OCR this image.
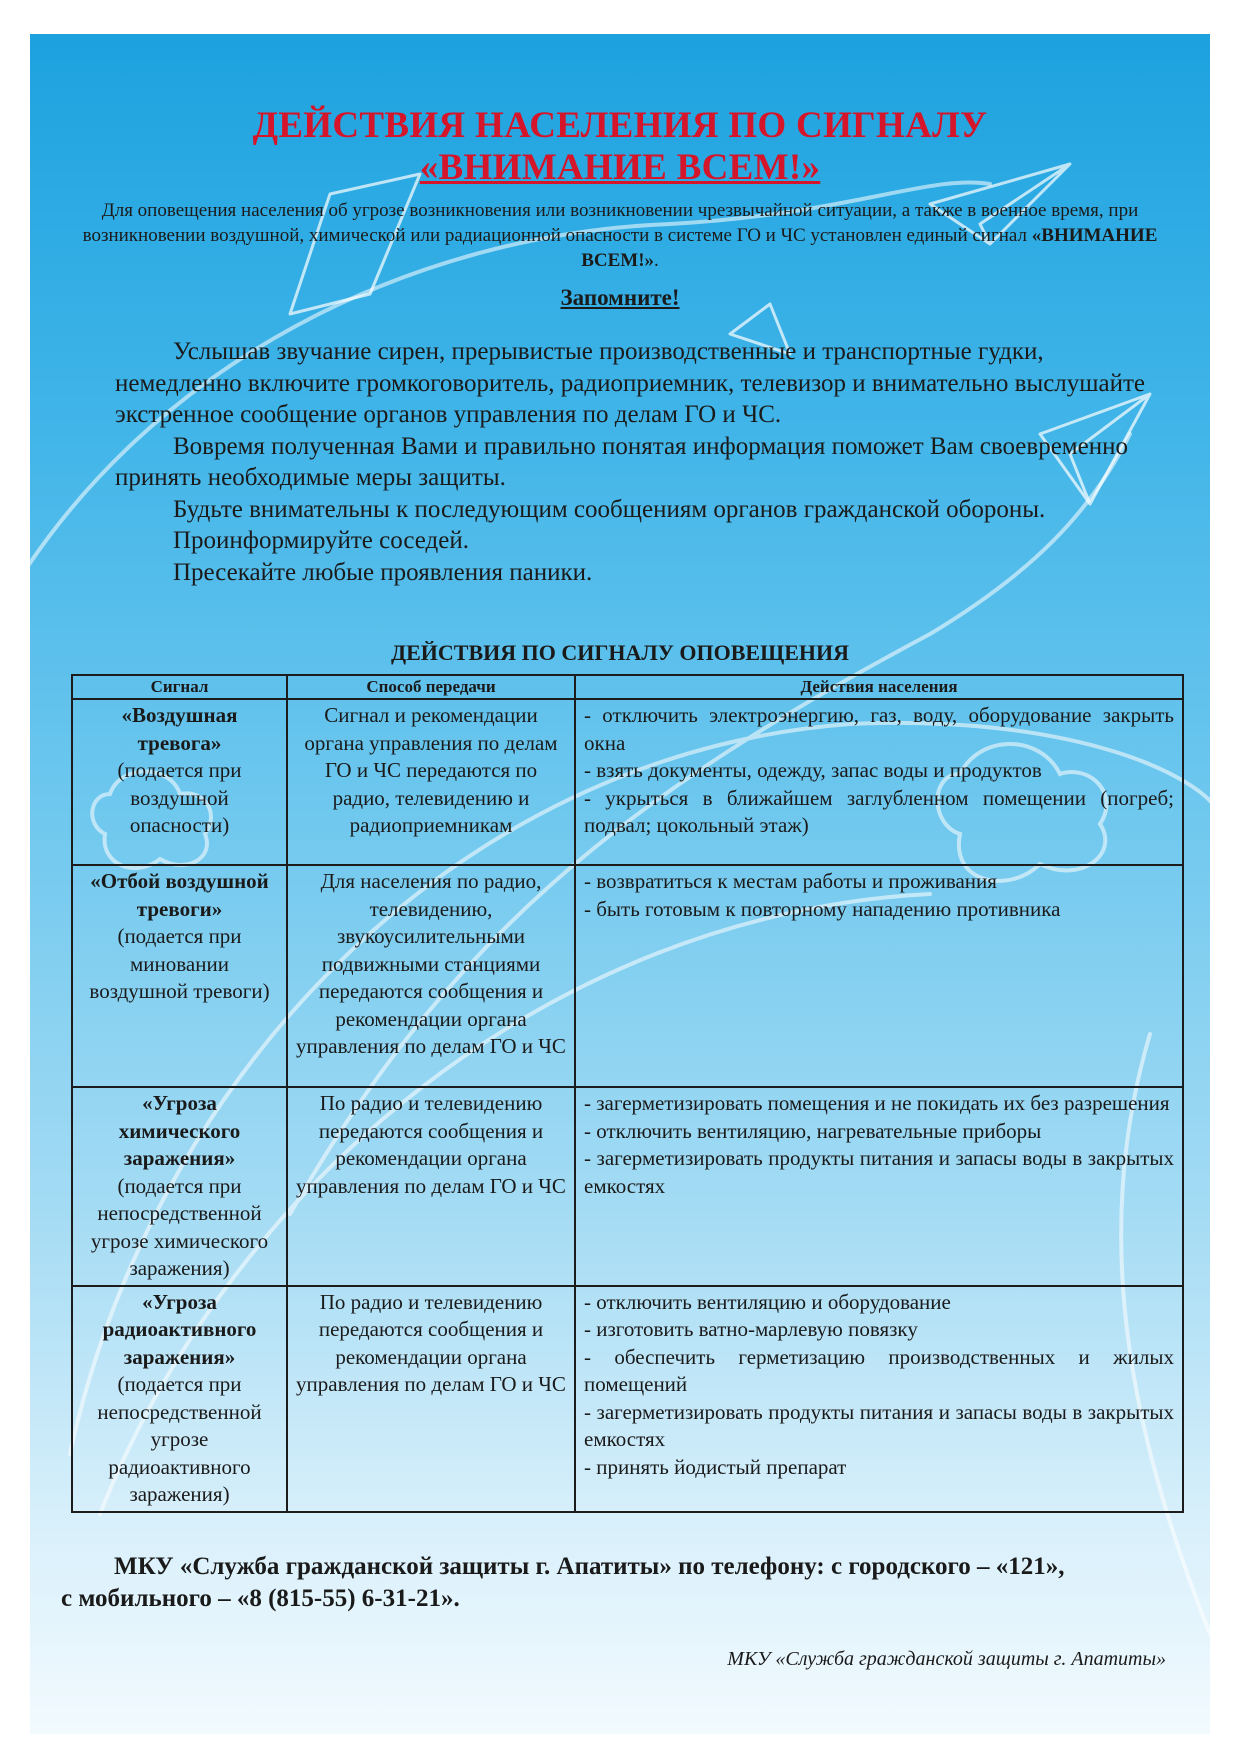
ДЕЙСТВИЯ НАСЕЛЕНИЯ ПО СИГНАЛУ
«ВНИМАНИЕ ВСЕМ!»
Для оповещения населения об угрозе возникновения или возникновении чрезвычайной ситуации, а также в военное время, при возникновении воздушной, химической или радиационной опасности в системе ГО и ЧС установлен единый сигнал «ВНИМАНИЕ ВСЕМ!».
Запомните!

Услышав звучание сирен, прерывистые производственные и транспортные гудки, немедленно включите громкоговоритель, радиоприемник, телевизор и внимательно выслушайте экстренное сообщение органов управления по делам ГО и ЧС.

Вовремя полученная Вами и правильно понятая информация поможет Вам своевременно принять необходимые меры защиты.

Будьте внимательны к последующим сообщениям органов гражданской обороны.

Проинформируйте соседей.

Пресекайте любые проявления паники.

ДЕЙСТВИЯ ПО СИГНАЛУ ОПОВЕЩЕНИЯ
Сигнал	Способ передачи	Действия населения

«Воздушная тревога»
(подается при воздушной опасности)	Сигнал и рекомендации органа управления по делам ГО и ЧС передаются по радио, телевидению и радиоприемникам	- отключить электроэнергию, газ, воду, оборудование закрыть окна
- взять документы, одежду, запас воды и продуктов
- укрыться в ближайшем заглубленном помещении (погреб; подвал; цокольный этаж)

«Отбой воздушной тревоги»
(подается при миновании воздушной тревоги)	Для населения по радио, телевидению, звукоусилительными подвижными станциями передаются сообщения и рекомендации органа управления по делам ГО и ЧС	- возвратиться к местам работы и проживания
- быть готовым к повторному нападению противника

«Угроза химического заражения»
(подается при непосредственной угрозе химического заражения)	По радио и телевидению передаются сообщения и рекомендации органа управления по делам ГО и ЧС	- загерметизировать помещения и не покидать их без разрешения
- отключить вентиляцию, нагревательные приборы
- загерметизировать продукты питания и запасы воды в закрытых емкостях

«Угроза радиоактивного заражения»
(подается при непосредственной угрозе радиоактивного заражения)	По радио и телевидению передаются сообщения и рекомендации органа управления по делам ГО и ЧС	- отключить вентиляцию и оборудование
- изготовить ватно-марлевую повязку
- обеспечить герметизацию производственных и жилых помещений
- загерметизировать продукты питания и запасы воды в закрытых емкостях
- принять йодистый препарат
МКУ «Служба гражданской защиты г. Апатиты» по телефону: с городского – «121»,
с мобильного – «8 (815-55) 6-31-21».
МКУ «Служба гражданской защиты г. Апатиты»
